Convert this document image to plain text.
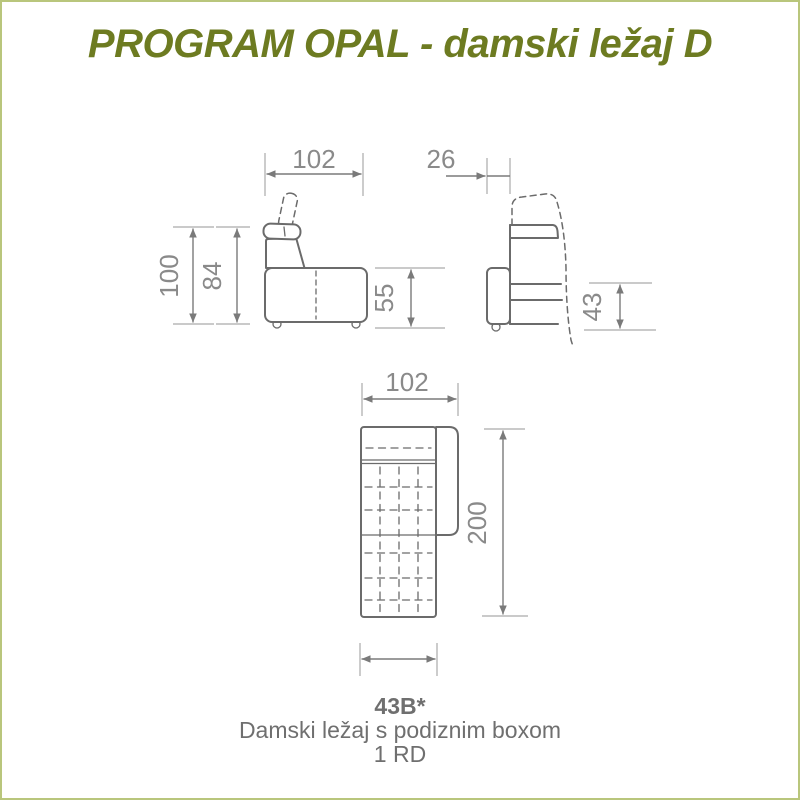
PROGRAM OPAL - damski ležaj D
102
100 84
55
26
43
102
200
43B*
Damski ležaj s podiznim boxom
1 RD
